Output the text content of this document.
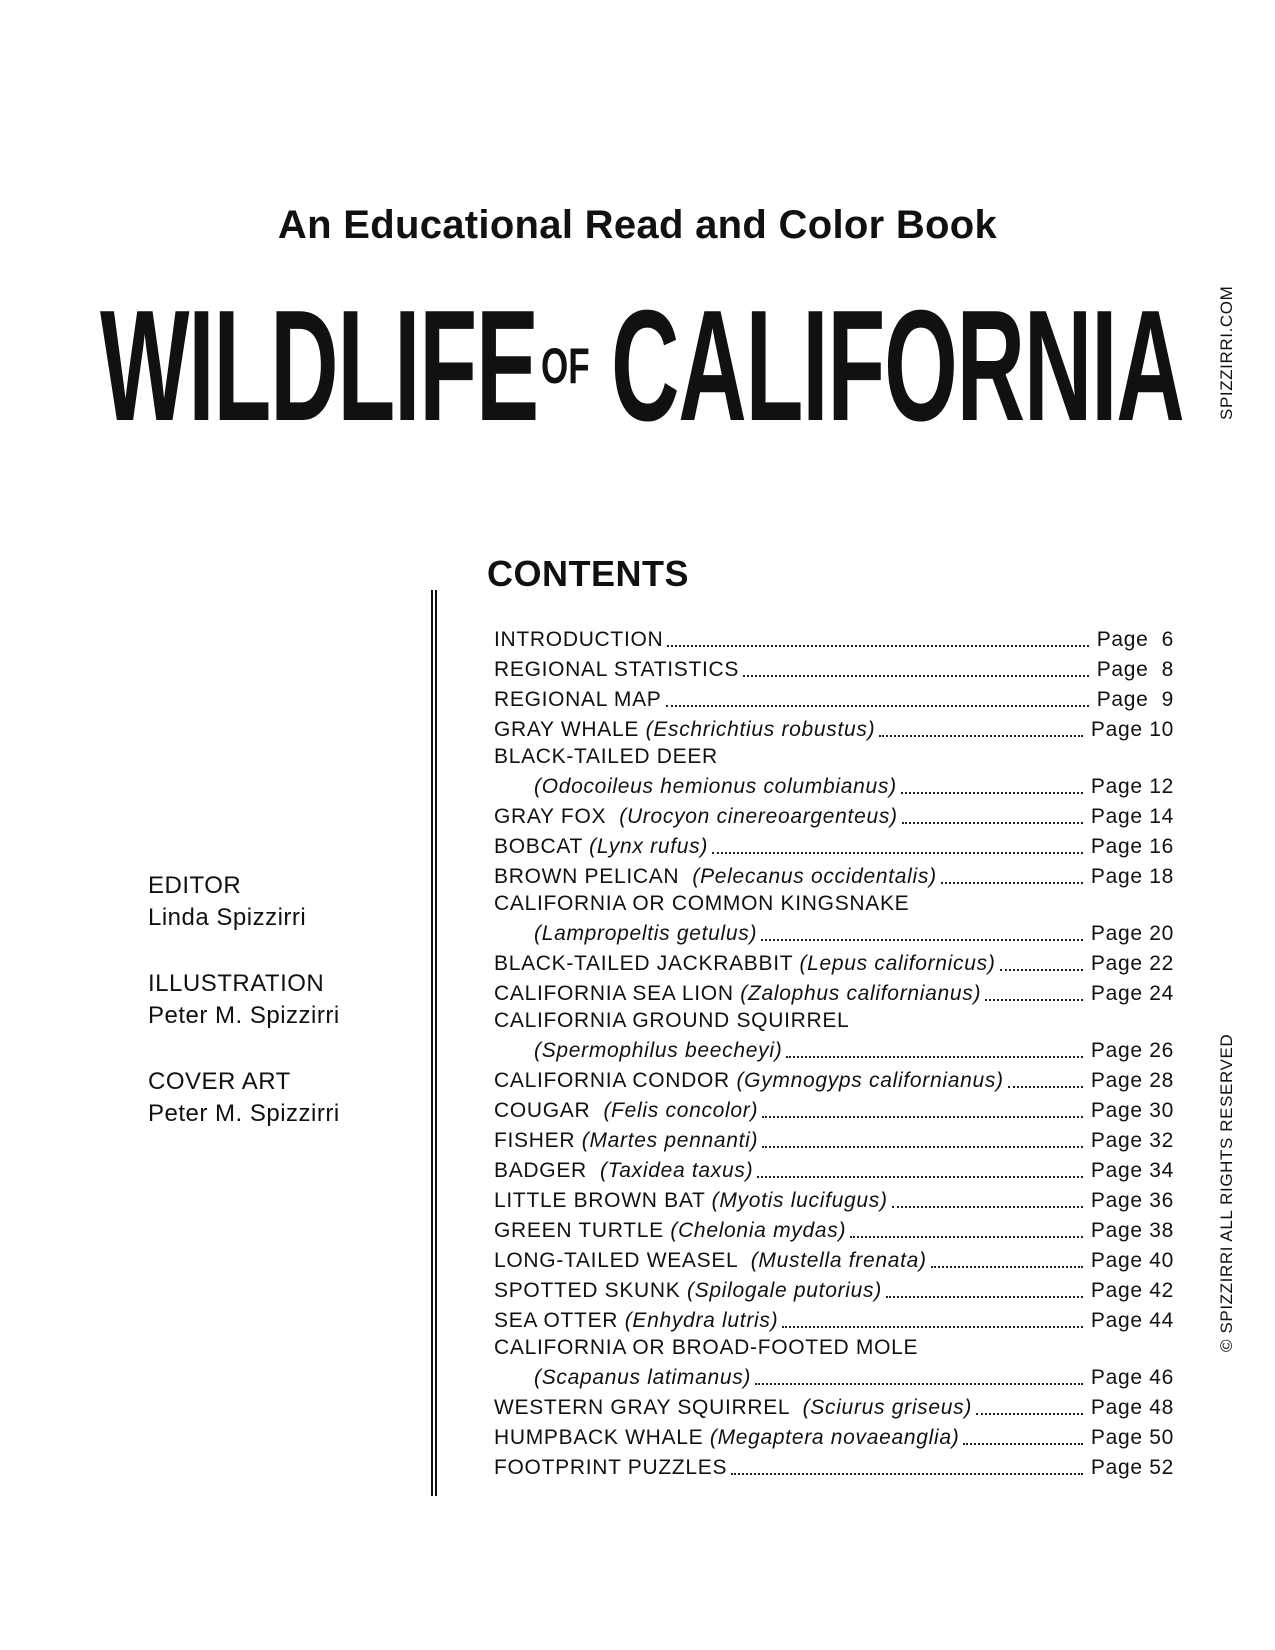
An Educational Read and Color Book
WILDLIFE OF CALIFORNIA SPIZZIRRI.COM
© SPIZZIRRI ALL RIGHTS RESERVED
EDITOR
Linda Spizzirri
ILLUSTRATION
Peter M. Spizzirri
COVER ART
Peter M. Spizzirri
CONTENTS
INTRODUCTION	Page  6
REGIONAL STATISTICS	Page  8
REGIONAL MAP	Page  9
GRAY WHALE (Eschrichtius robustus)	Page 10
BLACK-TAILED DEER
(Odocoileus hemionus columbianus)	Page 12
GRAY FOX  (Urocyon cinereoargenteus)	Page 14
BOBCAT (Lynx rufus)	Page 16
BROWN PELICAN  (Pelecanus occidentalis)	Page 18
CALIFORNIA OR COMMON KINGSNAKE
(Lampropeltis getulus)	Page 20
BLACK-TAILED JACKRABBIT (Lepus californicus)	Page 22
CALIFORNIA SEA LION (Zalophus californianus)	Page 24
CALIFORNIA GROUND SQUIRREL
(Spermophilus beecheyi)	Page 26
CALIFORNIA CONDOR (Gymnogyps californianus)	Page 28
COUGAR  (Felis concolor)	Page 30
FISHER (Martes pennanti)	Page 32
BADGER  (Taxidea taxus)	Page 34
LITTLE BROWN BAT (Myotis lucifugus)	Page 36
GREEN TURTLE (Chelonia mydas)	Page 38
LONG-TAILED WEASEL  (Mustella frenata)	Page 40
SPOTTED SKUNK (Spilogale putorius)	Page 42
SEA OTTER (Enhydra lutris)	Page 44
CALIFORNIA OR BROAD-FOOTED MOLE
(Scapanus latimanus)	Page 46
WESTERN GRAY SQUIRREL  (Sciurus griseus)	Page 48
HUMPBACK WHALE (Megaptera novaeanglia)	Page 50
FOOTPRINT PUZZLES	Page 52
